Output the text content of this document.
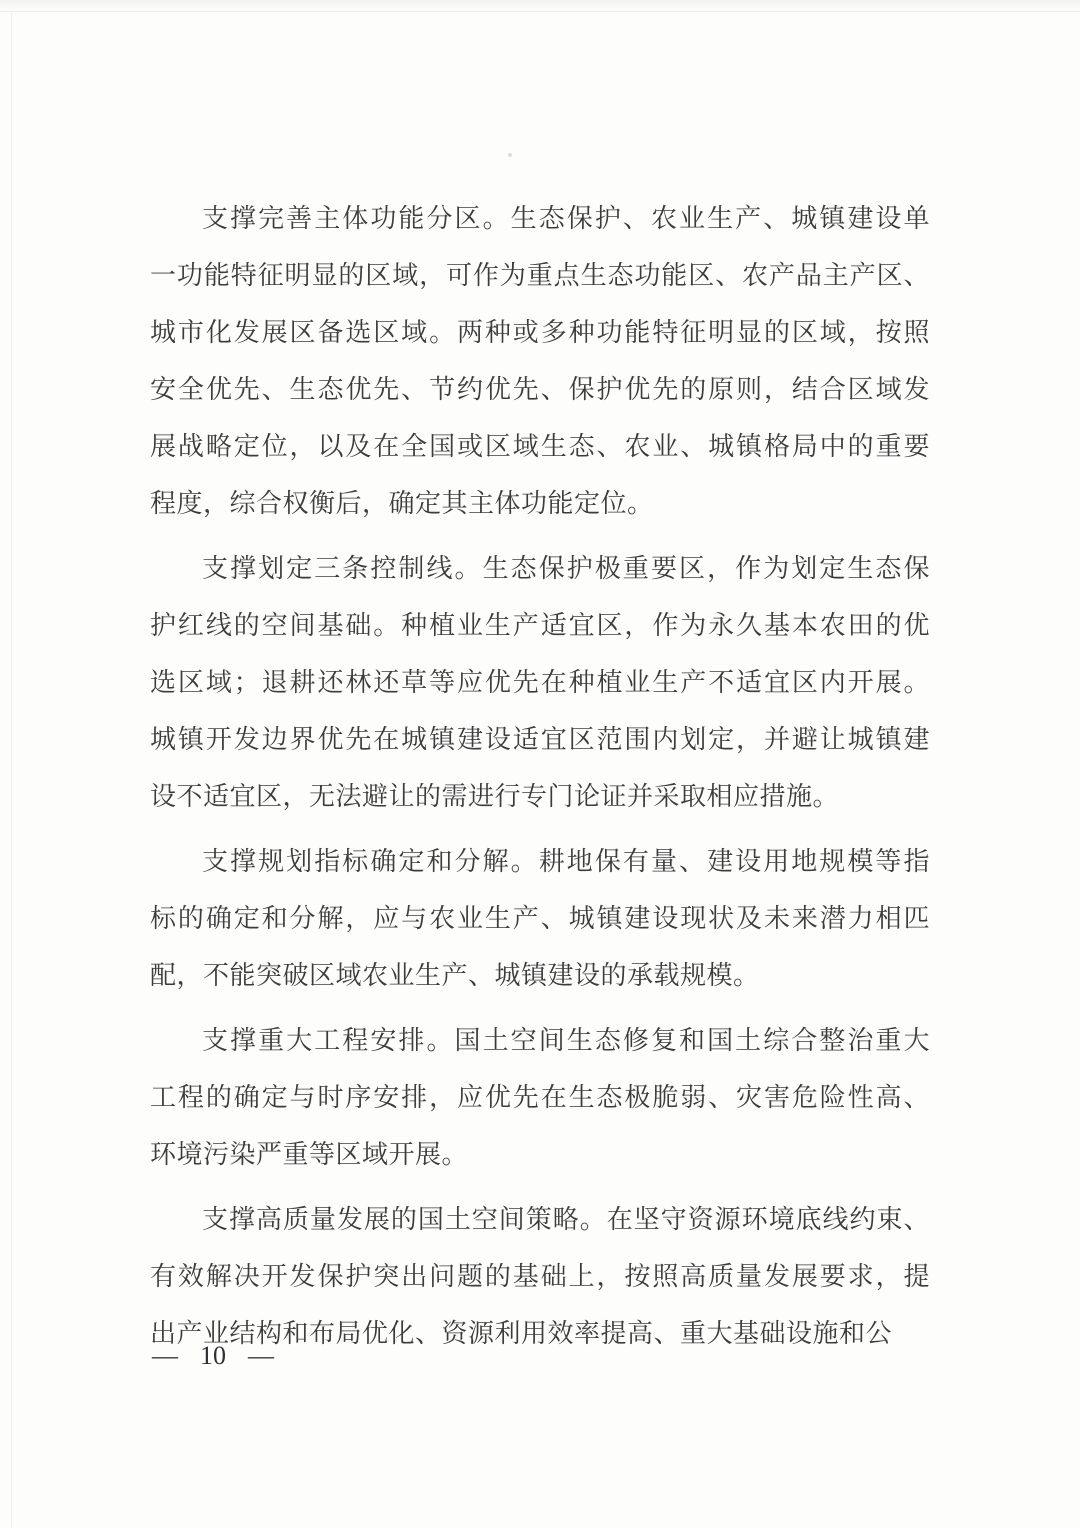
支撑完善主体功能分区。生态保护、农业生产、城镇建设单
一功能特征明显的区域，可作为重点生态功能区、农产品主产区、
城市化发展区备选区域。两种或多种功能特征明显的区域，按照
安全优先、生态优先、节约优先、保护优先的原则，结合区域发
展战略定位，以及在全国或区域生态、农业、城镇格局中的重要
程度，综合权衡后，确定其主体功能定位。
支撑划定三条控制线。生态保护极重要区，作为划定生态保
护红线的空间基础。种植业生产适宜区，作为永久基本农田的优
选区域；退耕还林还草等应优先在种植业生产不适宜区内开展。
城镇开发边界优先在城镇建设适宜区范围内划定，并避让城镇建
设不适宜区，无法避让的需进行专门论证并采取相应措施。
支撑规划指标确定和分解。耕地保有量、建设用地规模等指
标的确定和分解，应与农业生产、城镇建设现状及未来潜力相匹
配，不能突破区域农业生产、城镇建设的承载规模。
支撑重大工程安排。国土空间生态修复和国土综合整治重大
工程的确定与时序安排，应优先在生态极脆弱、灾害危险性高、
环境污染严重等区域开展。
支撑高质量发展的国土空间策略。在坚守资源环境底线约束、
有效解决开发保护突出问题的基础上，按照高质量发展要求，提
出产业结构和布局优化、资源利用效率提高、重大基础设施和公
— 10 —
